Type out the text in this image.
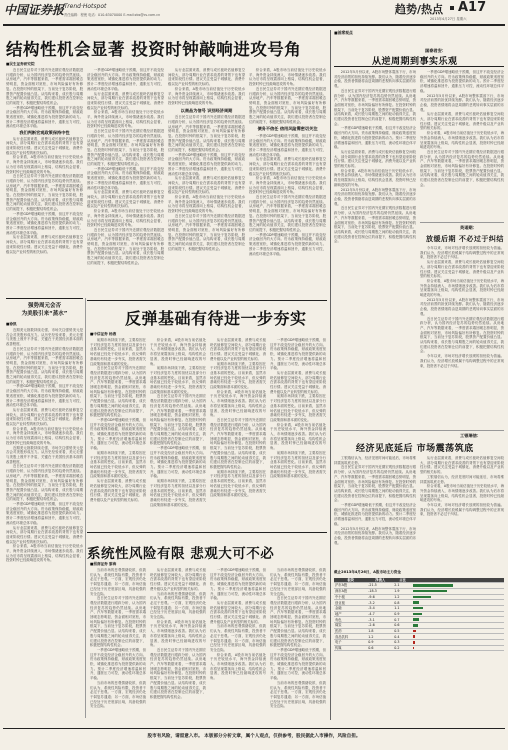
中国证券报 Trend·Hotspot
责任编辑：程俊 电话：010-63070000 E-mail:zbs@cs.com.cn	趋势/热点 A17
2013年4月27日 星期六
结构性机会显著 投资时钟敲响进攻号角
■民生证券研究院

近日民生证券对于国内外近期宏观经济数据进行跟踪分析，认为国内经济复苏的趋势仍然延续。从房地产、汽车等数据来看，一季度需求端回暖态势明显，资金面相对宽松，市场风险偏好有所修复。在投资时钟的框架下，当前处于复苏阶段，股票资产配置价值凸显。从结构来看，成长股与周期股之间的轮动值得关注，我们建议投资者在控制仓位的前提下，积极把握结构性机会。

一季度GDP增速略低于预期，但这并不改变经济企稳回升的大方向。货币政策保持稳健，财政政策适度宽松，城镇化推进将为投资提供新的动力。预计二季度经济增速将温和回升，通胀压力可控，流动性环境总体平稳。

我们判断宏观政策保持中性

从行业层面来看，消费与成长板块估值修复空间较大，部分周期行业在需求改善的背景下也有望迎来阶段性行情。建议关注受益于城镇化、消费升级以及产业转型的相关标的。

综合来看，A股市场当前估值处于历史较低水平，海外资金持续流入，市场情绪逐步改善。我们认为后市将呈现震荡向上格局，结构性机会显著，投资时钟已经敲响进攻的号角。

近日民生证券对于国内外近期宏观经济数据进行跟踪分析，认为国内经济复苏的趋势仍然延续。从房地产、汽车等数据来看，一季度需求端回暖态势明显，资金面相对宽松，市场风险偏好有所修复。在投资时钟的框架下，当前处于复苏阶段，股票资产配置价值凸显。从结构来看，成长股与周期股之间的轮动值得关注，我们建议投资者在控制仓位的前提下，积极把握结构性机会。

一季度GDP增速略低于预期，但这并不改变经济企稳回升的大方向。货币政策保持稳健，财政政策适度宽松，城镇化推进将为投资提供新的动力。预计二季度经济增速将温和回升，通胀压力可控，流动性环境总体平稳。

从行业层面来看，消费与成长板块估值修复空间较大，部分周期行业在需求改善的背景下也有望迎来阶段性行情。建议关注受益于城镇化、消费升级以及产业转型的相关标的。

一季度GDP增速略低于预期，但这并不改变经济企稳回升的大方向。货币政策保持稳健，财政政策适度宽松，城镇化推进将为投资提供新的动力。预计二季度经济增速将温和回升，通胀压力可控，流动性环境总体平稳。

从行业层面来看，消费与成长板块估值修复空间较大，部分周期行业在需求改善的背景下也有望迎来阶段性行情。建议关注受益于城镇化、消费升级以及产业转型的相关标的。

综合来看，A股市场当前估值处于历史较低水平，海外资金持续流入，市场情绪逐步改善。我们认为后市将呈现震荡向上格局，结构性机会显著，投资时钟已经敲响进攻的号角。

近日民生证券对于国内外近期宏观经济数据进行跟踪分析，认为国内经济复苏的趋势仍然延续。从房地产、汽车等数据来看，一季度需求端回暖态势明显，资金面相对宽松，市场风险偏好有所修复。在投资时钟的框架下，当前处于复苏阶段，股票资产配置价值凸显。从结构来看，成长股与周期股之间的轮动值得关注，我们建议投资者在控制仓位的前提下，积极把握结构性机会。

一季度GDP增速略低于预期，但这并不改变经济企稳回升的大方向。货币政策保持稳健，财政政策适度宽松，城镇化推进将为投资提供新的动力。预计二季度经济增速将温和回升，通胀压力可控，流动性环境总体平稳。

从行业层面来看，消费与成长板块估值修复空间较大，部分周期行业在需求改善的背景下也有望迎来阶段性行情。建议关注受益于城镇化、消费升级以及产业转型的相关标的。

综合来看，A股市场当前估值处于历史较低水平，海外资金持续流入，市场情绪逐步改善。我们认为后市将呈现震荡向上格局，结构性机会显著，投资时钟已经敲响进攻的号角。

近日民生证券对于国内外近期宏观经济数据进行跟踪分析，认为国内经济复苏的趋势仍然延续。从房地产、汽车等数据来看，一季度需求端回暖态势明显，资金面相对宽松，市场风险偏好有所修复。在投资时钟的框架下，当前处于复苏阶段，股票资产配置价值凸显。从结构来看，成长股与周期股之间的轮动值得关注，我们建议投资者在控制仓位的前提下，积极把握结构性机会。

从行业层面来看，消费与成长板块估值修复空间较大，部分周期行业在需求改善的背景下也有望迎来阶段性行情。建议关注受益于城镇化、消费升级以及产业转型的相关标的。

综合来看，A股市场当前估值处于历史较低水平，海外资金持续流入，市场情绪逐步改善。我们认为后市将呈现震荡向上格局，结构性机会显著，投资时钟已经敲响进攻的号角。

以商品为信号 识别经济周期

近日民生证券对于国内外近期宏观经济数据进行跟踪分析，认为国内经济复苏的趋势仍然延续。从房地产、汽车等数据来看，一季度需求端回暖态势明显，资金面相对宽松，市场风险偏好有所修复。在投资时钟的框架下，当前处于复苏阶段，股票资产配置价值凸显。从结构来看，成长股与周期股之间的轮动值得关注，我们建议投资者在控制仓位的前提下，积极把握结构性机会。

一季度GDP增速略低于预期，但这并不改变经济企稳回升的大方向。货币政策保持稳健，财政政策适度宽松，城镇化推进将为投资提供新的动力。预计二季度经济增速将温和回升，通胀压力可控，流动性环境总体平稳。

从行业层面来看，消费与成长板块估值修复空间较大，部分周期行业在需求改善的背景下也有望迎来阶段性行情。建议关注受益于城镇化、消费升级以及产业转型的相关标的。

综合来看，A股市场当前估值处于历史较低水平，海外资金持续流入，市场情绪逐步改善。我们认为后市将呈现震荡向上格局，结构性机会显著，投资时钟已经敲响进攻的号角。

近日民生证券对于国内外近期宏观经济数据进行跟踪分析，认为国内经济复苏的趋势仍然延续。从房地产、汽车等数据来看，一季度需求端回暖态势明显，资金面相对宽松，市场风险偏好有所修复。在投资时钟的框架下，当前处于复苏阶段，股票资产配置价值凸显。从结构来看，成长股与周期股之间的轮动值得关注，我们建议投资者在控制仓位的前提下，积极把握结构性机会。

综合来看，A股市场当前估值处于历史较低水平，海外资金持续流入，市场情绪逐步改善。我们认为后市将呈现震荡向上格局，结构性机会显著，投资时钟已经敲响进攻的号角。

近日民生证券对于国内外近期宏观经济数据进行跟踪分析，认为国内经济复苏的趋势仍然延续。从房地产、汽车等数据来看，一季度需求端回暖态势明显，资金面相对宽松，市场风险偏好有所修复。在投资时钟的框架下，当前处于复苏阶段，股票资产配置价值凸显。从结构来看，成长股与周期股之间的轮动值得关注，我们建议投资者在控制仓位的前提下，积极把握结构性机会。

债务不信任 信用风险需密切关注

一季度GDP增速略低于预期，但这并不改变经济企稳回升的大方向。货币政策保持稳健，财政政策适度宽松，城镇化推进将为投资提供新的动力。预计二季度经济增速将温和回升，通胀压力可控，流动性环境总体平稳。

从行业层面来看，消费与成长板块估值修复空间较大，部分周期行业在需求改善的背景下也有望迎来阶段性行情。建议关注受益于城镇化、消费升级以及产业转型的相关标的。

综合来看，A股市场当前估值处于历史较低水平，海外资金持续流入，市场情绪逐步改善。我们认为后市将呈现震荡向上格局，结构性机会显著，投资时钟已经敲响进攻的号角。

近日民生证券对于国内外近期宏观经济数据进行跟踪分析，认为国内经济复苏的趋势仍然延续。从房地产、汽车等数据来看，一季度需求端回暖态势明显，资金面相对宽松，市场风险偏好有所修复。在投资时钟的框架下，当前处于复苏阶段，股票资产配置价值凸显。从结构来看，成长股与周期股之间的轮动值得关注，我们建议投资者在控制仓位的前提下，积极把握结构性机会。

一季度GDP增速略低于预期，但这并不改变经济企稳回升的大方向。货币政策保持稳健，财政政策适度宽松，城镇化推进将为投资提供新的动力。预计二季度经济增速将温和回升，通胀压力可控，流动性环境总体平稳。

强势周元会否
为美股引来“蒸水”
■徐凯

近期美元指数持续走强，市场关注强势美元是否会对美股形成压力。从历史经验来看，美元走强与美股上涨并不矛盾，关键在于美国经济基本面的改善程度。

近日民生证券对于国内外近期宏观经济数据进行跟踪分析，认为国内经济复苏的趋势仍然延续。从房地产、汽车等数据来看，一季度需求端回暖态势明显，资金面相对宽松，市场风险偏好有所修复。在投资时钟的框架下，当前处于复苏阶段，股票资产配置价值凸显。从结构来看，成长股与周期股之间的轮动值得关注，我们建议投资者在控制仓位的前提下，积极把握结构性机会。

一季度GDP增速略低于预期，但这并不改变经济企稳回升的大方向。货币政策保持稳健，财政政策适度宽松，城镇化推进将为投资提供新的动力。预计二季度经济增速将温和回升，通胀压力可控，流动性环境总体平稳。

从行业层面来看，消费与成长板块估值修复空间较大，部分周期行业在需求改善的背景下也有望迎来阶段性行情。建议关注受益于城镇化、消费升级以及产业转型的相关标的。

综合来看，A股市场当前估值处于历史较低水平，海外资金持续流入，市场情绪逐步改善。我们认为后市将呈现震荡向上格局，结构性机会显著，投资时钟已经敲响进攻的号角。

近期美元指数持续走强，市场关注强势美元是否会对美股形成压力。从历史经验来看，美元走强与美股上涨并不矛盾，关键在于美国经济基本面的改善程度。

近日民生证券对于国内外近期宏观经济数据进行跟踪分析，认为国内经济复苏的趋势仍然延续。从房地产、汽车等数据来看，一季度需求端回暖态势明显，资金面相对宽松，市场风险偏好有所修复。在投资时钟的框架下，当前处于复苏阶段，股票资产配置价值凸显。从结构来看，成长股与周期股之间的轮动值得关注，我们建议投资者在控制仓位的前提下，积极把握结构性机会。

一季度GDP增速略低于预期，但这并不改变经济企稳回升的大方向。货币政策保持稳健，财政政策适度宽松，城镇化推进将为投资提供新的动力。预计二季度经济增速将温和回升，通胀压力可控，流动性环境总体平稳。

从行业层面来看，消费与成长板块估值修复空间较大，部分周期行业在需求改善的背景下也有望迎来阶段性行情。建议关注受益于城镇化、消费升级以及产业转型的相关标的。

综合来看，A股市场当前估值处于历史较低水平，海外资金持续流入，市场情绪逐步改善。我们认为后市将呈现震荡向上格局，结构性机会显著，投资时钟已经敲响进攻的号角。

■首席观点
国泰君安：
从逆周期到事实乐观

2012年5月份以来，A股市场整体震荡下行，市场对经济前景的担忧持续发酵。我们认为，随着经济逐步企稳，投资者情绪将由逆周期的悲观转向事实层面的乐观。

近日民生证券对于国内外近期宏观经济数据进行跟踪分析，认为国内经济复苏的趋势仍然延续。从房地产、汽车等数据来看，一季度需求端回暖态势明显，资金面相对宽松，市场风险偏好有所修复。在投资时钟的框架下，当前处于复苏阶段，股票资产配置价值凸显。从结构来看，成长股与周期股之间的轮动值得关注，我们建议投资者在控制仓位的前提下，积极把握结构性机会。

一季度GDP增速略低于预期，但这并不改变经济企稳回升的大方向。货币政策保持稳健，财政政策适度宽松，城镇化推进将为投资提供新的动力。预计二季度经济增速将温和回升，通胀压力可控，流动性环境总体平稳。

从行业层面来看，消费与成长板块估值修复空间较大，部分周期行业在需求改善的背景下也有望迎来阶段性行情。建议关注受益于城镇化、消费升级以及产业转型的相关标的。

综合来看，A股市场当前估值处于历史较低水平，海外资金持续流入，市场情绪逐步改善。我们认为后市将呈现震荡向上格局，结构性机会显著，投资时钟已经敲响进攻的号角。

2012年5月份以来，A股市场整体震荡下行，市场对经济前景的担忧持续发酵。我们认为，随着经济逐步企稳，投资者情绪将由逆周期的悲观转向事实层面的乐观。

近日民生证券对于国内外近期宏观经济数据进行跟踪分析，认为国内经济复苏的趋势仍然延续。从房地产、汽车等数据来看，一季度需求端回暖态势明显，资金面相对宽松，市场风险偏好有所修复。在投资时钟的框架下，当前处于复苏阶段，股票资产配置价值凸显。从结构来看，成长股与周期股之间的轮动值得关注，我们建议投资者在控制仓位的前提下，积极把握结构性机会。

一季度GDP增速略低于预期，但这并不改变经济企稳回升的大方向。货币政策保持稳健，财政政策适度宽松，城镇化推进将为投资提供新的动力。预计二季度经济增速将温和回升，通胀压力可控，流动性环境总体平稳。

2012年5月份以来，A股市场整体震荡下行，市场对经济前景的担忧持续发酵。我们认为，随着经济逐步企稳，投资者情绪将由逆周期的悲观转向事实层面的乐观。

从行业层面来看，消费与成长板块估值修复空间较大，部分周期行业在需求改善的背景下也有望迎来阶段性行情。建议关注受益于城镇化、消费升级以及产业转型的相关标的。

综合来看，A股市场当前估值处于历史较低水平，海外资金持续流入，市场情绪逐步改善。我们认为后市将呈现震荡向上格局，结构性机会显著，投资时钟已经敲响进攻的号角。

近日民生证券对于国内外近期宏观经济数据进行跟踪分析，认为国内经济复苏的趋势仍然延续。从房地产、汽车等数据来看，一季度需求端回暖态势明显，资金面相对宽松，市场风险偏好有所修复。在投资时钟的框架下，当前处于复苏阶段，股票资产配置价值凸显。从结构来看，成长股与周期股之间的轮动值得关注，我们建议投资者在控制仓位的前提下，积极把握结构性机会。

英诺期：
放缓后期 不必过于纠结

今年以来，市场对经济增长放缓的担忧较为普遍。我们认为，经济增长放缓属于结构调整过程中的正常现象，投资者不必过于纠结。

从行业层面来看，消费与成长板块估值修复空间较大，部分周期行业在需求改善的背景下也有望迎来阶段性行情。建议关注受益于城镇化、消费升级以及产业转型的相关标的。

综合来看，A股市场当前估值处于历史较低水平，海外资金持续流入，市场情绪逐步改善。我们认为后市将呈现震荡向上格局，结构性机会显著，投资时钟已经敲响进攻的号角。

2012年5月份以来，A股市场整体震荡下行，市场对经济前景的担忧持续发酵。我们认为，随着经济逐步企稳，投资者情绪将由逆周期的悲观转向事实层面的乐观。

近日民生证券对于国内外近期宏观经济数据进行跟踪分析，认为国内经济复苏的趋势仍然延续。从房地产、汽车等数据来看，一季度需求端回暖态势明显，资金面相对宽松，市场风险偏好有所修复。在投资时钟的框架下，当前处于复苏阶段，股票资产配置价值凸显。从结构来看，成长股与周期股之间的轮动值得关注，我们建议投资者在控制仓位的前提下，积极把握结构性机会。

今年以来，市场对经济增长放缓的担忧较为普遍。我们认为，经济增长放缓属于结构调整过程中的正常现象，投资者不必过于纠结。

工银瑞信：
经济见底延后 市场震荡筑底

工银瑞信认为，经济见底时间可能延后，市场将维持震荡筑底走势。

近日民生证券对于国内外近期宏观经济数据进行跟踪分析，认为国内经济复苏的趋势仍然延续。从房地产、汽车等数据来看，一季度需求端回暖态势明显，资金面相对宽松，市场风险偏好有所修复。在投资时钟的框架下，当前处于复苏阶段，股票资产配置价值凸显。从结构来看，成长股与周期股之间的轮动值得关注，我们建议投资者在控制仓位的前提下，积极把握结构性机会。

一季度GDP增速略低于预期，但这并不改变经济企稳回升的大方向。货币政策保持稳健，财政政策适度宽松，城镇化推进将为投资提供新的动力。预计二季度经济增速将温和回升，通胀压力可控，流动性环境总体平稳。

2012年5月份以来，A股市场整体震荡下行，市场对经济前景的担忧持续发酵。我们认为，随着经济逐步企稳，投资者情绪将由逆周期的悲观转向事实层面的乐观。

从行业层面来看，消费与成长板块估值修复空间较大，部分周期行业在需求改善的背景下也有望迎来阶段性行情。建议关注受益于城镇化、消费升级以及产业转型的相关标的。

工银瑞信认为，经济见底时间可能延后，市场将维持震荡筑底走势。

综合来看，A股市场当前估值处于历史较低水平，海外资金持续流入，市场情绪逐步改善。我们认为后市将呈现震荡向上格局，结构性机会显著，投资时钟已经敲响进攻的号角。

今年以来，市场对经济增长放缓的担忧较为普遍。我们认为，经济增长放缓属于结构调整过程中的正常现象，投资者不必过于纠结。

截止2013年4月26日，A股市场主力资金
板块	净流入	占比	
沪市A股	-21.5	2.1	
深市A股	-18.3	1.9	
中小板	-9.6	1.2	
创业板	-3.2	0.8	
金融	-5.4	1.1	
地产	-4.7	0.9	
有色	-3.1	0.7	
煤炭	-2.6	0.6	
医药	1.8	0.5	
食品饮料	1.2	0.4	
电子	0.9	0.3	
传媒	0.6	0.2	
反弹基础有待进一步夯实
■中信证券 杨燕

前期市场持续下跌，主要原因在于对经济复苏力度的担忧以及部分行业基本面的恶化。目前来看，虽然市场估值已经处于较低水平，但反弹的基础仍有待进一步夯实，投资者需关注政策面和基本面的变化。

近日民生证券对于国内外近期宏观经济数据进行跟踪分析，认为国内经济复苏的趋势仍然延续。从房地产、汽车等数据来看，一季度需求端回暖态势明显，资金面相对宽松，市场风险偏好有所修复。在投资时钟的框架下，当前处于复苏阶段，股票资产配置价值凸显。从结构来看，成长股与周期股之间的轮动值得关注，我们建议投资者在控制仓位的前提下，积极把握结构性机会。

一季度GDP增速略低于预期，但这并不改变经济企稳回升的大方向。货币政策保持稳健，财政政策适度宽松，城镇化推进将为投资提供新的动力。预计二季度经济增速将温和回升，通胀压力可控，流动性环境总体平稳。

前期市场持续下跌，主要原因在于对经济复苏力度的担忧以及部分行业基本面的恶化。目前来看，虽然市场估值已经处于较低水平，但反弹的基础仍有待进一步夯实，投资者需关注政策面和基本面的变化。

从行业层面来看，消费与成长板块估值修复空间较大，部分周期行业在需求改善的背景下也有望迎来阶段性行情。建议关注受益于城镇化、消费升级以及产业转型的相关标的。

综合来看，A股市场当前估值处于历史较低水平，海外资金持续流入，市场情绪逐步改善。我们认为后市将呈现震荡向上格局，结构性机会显著，投资时钟已经敲响进攻的号角。

前期市场持续下跌，主要原因在于对经济复苏力度的担忧以及部分行业基本面的恶化。目前来看，虽然市场估值已经处于较低水平，但反弹的基础仍有待进一步夯实，投资者需关注政策面和基本面的变化。

近日民生证券对于国内外近期宏观经济数据进行跟踪分析，认为国内经济复苏的趋势仍然延续。从房地产、汽车等数据来看，一季度需求端回暖态势明显，资金面相对宽松，市场风险偏好有所修复。在投资时钟的框架下，当前处于复苏阶段，股票资产配置价值凸显。从结构来看，成长股与周期股之间的轮动值得关注，我们建议投资者在控制仓位的前提下，积极把握结构性机会。

一季度GDP增速略低于预期，但这并不改变经济企稳回升的大方向。货币政策保持稳健，财政政策适度宽松，城镇化推进将为投资提供新的动力。预计二季度经济增速将温和回升，通胀压力可控，流动性环境总体平稳。

前期市场持续下跌，主要原因在于对经济复苏力度的担忧以及部分行业基本面的恶化。目前来看，虽然市场估值已经处于较低水平，但反弹的基础仍有待进一步夯实，投资者需关注政策面和基本面的变化。

从行业层面来看，消费与成长板块估值修复空间较大，部分周期行业在需求改善的背景下也有望迎来阶段性行情。建议关注受益于城镇化、消费升级以及产业转型的相关标的。

前期市场持续下跌，主要原因在于对经济复苏力度的担忧以及部分行业基本面的恶化。目前来看，虽然市场估值已经处于较低水平，但反弹的基础仍有待进一步夯实，投资者需关注政策面和基本面的变化。

综合来看，A股市场当前估值处于历史较低水平，海外资金持续流入，市场情绪逐步改善。我们认为后市将呈现震荡向上格局，结构性机会显著，投资时钟已经敲响进攻的号角。

近日民生证券对于国内外近期宏观经济数据进行跟踪分析，认为国内经济复苏的趋势仍然延续。从房地产、汽车等数据来看，一季度需求端回暖态势明显，资金面相对宽松，市场风险偏好有所修复。在投资时钟的框架下，当前处于复苏阶段，股票资产配置价值凸显。从结构来看，成长股与周期股之间的轮动值得关注，我们建议投资者在控制仓位的前提下，积极把握结构性机会。

前期市场持续下跌，主要原因在于对经济复苏力度的担忧以及部分行业基本面的恶化。目前来看，虽然市场估值已经处于较低水平，但反弹的基础仍有待进一步夯实，投资者需关注政策面和基本面的变化。

一季度GDP增速略低于预期，但这并不改变经济企稳回升的大方向。货币政策保持稳健，财政政策适度宽松，城镇化推进将为投资提供新的动力。预计二季度经济增速将温和回升，通胀压力可控，流动性环境总体平稳。

从行业层面来看，消费与成长板块估值修复空间较大，部分周期行业在需求改善的背景下也有望迎来阶段性行情。建议关注受益于城镇化、消费升级以及产业转型的相关标的。

前期市场持续下跌，主要原因在于对经济复苏力度的担忧以及部分行业基本面的恶化。目前来看，虽然市场估值已经处于较低水平，但反弹的基础仍有待进一步夯实，投资者需关注政策面和基本面的变化。

综合来看，A股市场当前估值处于历史较低水平，海外资金持续流入，市场情绪逐步改善。我们认为后市将呈现震荡向上格局，结构性机会显著，投资时钟已经敲响进攻的号角。

前期市场持续下跌，主要原因在于对经济复苏力度的担忧以及部分行业基本面的恶化。目前来看，虽然市场估值已经处于较低水平，但反弹的基础仍有待进一步夯实，投资者需关注政策面和基本面的变化。

系统性风险有限 悲观大可不必
■招商证券 黎海

当前市场的悲观情绪较浓，但我们认为，系统性风险有限，投资者不必过于悲观。一方面，宏观经济仍处于弱复苏通道；另一方面，市场估值已经处于历史底部区域，具备较强的安全边际。

近日民生证券对于国内外近期宏观经济数据进行跟踪分析，认为国内经济复苏的趋势仍然延续。从房地产、汽车等数据来看，一季度需求端回暖态势明显，资金面相对宽松，市场风险偏好有所修复。在投资时钟的框架下，当前处于复苏阶段，股票资产配置价值凸显。从结构来看，成长股与周期股之间的轮动值得关注，我们建议投资者在控制仓位的前提下，积极把握结构性机会。

一季度GDP增速略低于预期，但这并不改变经济企稳回升的大方向。货币政策保持稳健，财政政策适度宽松，城镇化推进将为投资提供新的动力。预计二季度经济增速将温和回升，通胀压力可控，流动性环境总体平稳。

当前市场的悲观情绪较浓，但我们认为，系统性风险有限，投资者不必过于悲观。一方面，宏观经济仍处于弱复苏通道；另一方面，市场估值已经处于历史底部区域，具备较强的安全边际。

从行业层面来看，消费与成长板块估值修复空间较大，部分周期行业在需求改善的背景下也有望迎来阶段性行情。建议关注受益于城镇化、消费升级以及产业转型的相关标的。

当前市场的悲观情绪较浓，但我们认为，系统性风险有限，投资者不必过于悲观。一方面，宏观经济仍处于弱复苏通道；另一方面，市场估值已经处于历史底部区域，具备较强的安全边际。

综合来看，A股市场当前估值处于历史较低水平，海外资金持续流入，市场情绪逐步改善。我们认为后市将呈现震荡向上格局，结构性机会显著，投资时钟已经敲响进攻的号角。

近日民生证券对于国内外近期宏观经济数据进行跟踪分析，认为国内经济复苏的趋势仍然延续。从房地产、汽车等数据来看，一季度需求端回暖态势明显，资金面相对宽松，市场风险偏好有所修复。在投资时钟的框架下，当前处于复苏阶段，股票资产配置价值凸显。从结构来看，成长股与周期股之间的轮动值得关注，我们建议投资者在控制仓位的前提下，积极把握结构性机会。

一季度GDP增速略低于预期，但这并不改变经济企稳回升的大方向。货币政策保持稳健，财政政策适度宽松，城镇化推进将为投资提供新的动力。预计二季度经济增速将温和回升，通胀压力可控，流动性环境总体平稳。

从行业层面来看，消费与成长板块估值修复空间较大，部分周期行业在需求改善的背景下也有望迎来阶段性行情。建议关注受益于城镇化、消费升级以及产业转型的相关标的。

当前市场的悲观情绪较浓，但我们认为，系统性风险有限，投资者不必过于悲观。一方面，宏观经济仍处于弱复苏通道；另一方面，市场估值已经处于历史底部区域，具备较强的安全边际。

综合来看，A股市场当前估值处于历史较低水平，海外资金持续流入，市场情绪逐步改善。我们认为后市将呈现震荡向上格局，结构性机会显著，投资时钟已经敲响进攻的号角。

当前市场的悲观情绪较浓，但我们认为，系统性风险有限，投资者不必过于悲观。一方面，宏观经济仍处于弱复苏通道；另一方面，市场估值已经处于历史底部区域，具备较强的安全边际。

近日民生证券对于国内外近期宏观经济数据进行跟踪分析，认为国内经济复苏的趋势仍然延续。从房地产、汽车等数据来看，一季度需求端回暖态势明显，资金面相对宽松，市场风险偏好有所修复。在投资时钟的框架下，当前处于复苏阶段，股票资产配置价值凸显。从结构来看，成长股与周期股之间的轮动值得关注，我们建议投资者在控制仓位的前提下，积极把握结构性机会。

一季度GDP增速略低于预期，但这并不改变经济企稳回升的大方向。货币政策保持稳健，财政政策适度宽松，城镇化推进将为投资提供新的动力。预计二季度经济增速将温和回升，通胀压力可控，流动性环境总体平稳。

当前市场的悲观情绪较浓，但我们认为，系统性风险有限，投资者不必过于悲观。一方面，宏观经济仍处于弱复苏通道；另一方面，市场估值已经处于历史底部区域，具备较强的安全边际。

股市有风险，请留意入市。 本版部分分析文章，属个人观点，仅供参考，股民据此入市操作，风险自担。
